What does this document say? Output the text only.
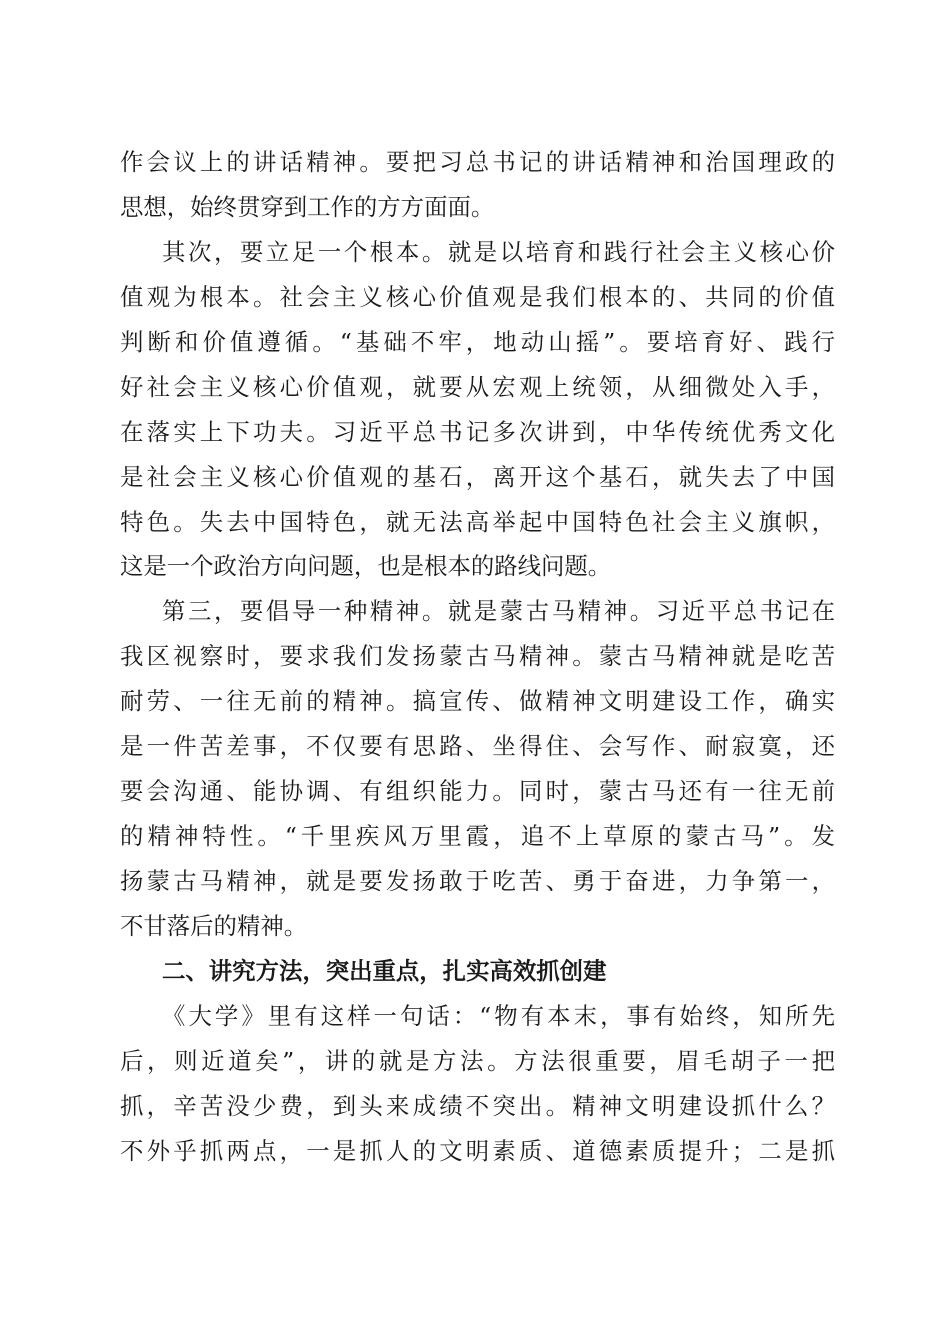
作会议上的讲话精神。要把习总书记的讲话精神和治国理政的
思想，始终贯穿到工作的方方面面。
其次，要立足一个根本。就是以培育和践行社会主义核心价
值观为根本。社会主义核心价值观是我们根本的、共同的价值
判断和价值遵循。“基础不牢，地动山摇”。要培育好、践行
好社会主义核心价值观，就要从宏观上统领，从细微处入手，
在落实上下功夫。习近平总书记多次讲到，中华传统优秀文化
是社会主义核心价值观的基石，离开这个基石，就失去了中国
特色。失去中国特色，就无法高举起中国特色社会主义旗帜，
这是一个政治方向问题，也是根本的路线问题。
第三，要倡导一种精神。就是蒙古马精神。习近平总书记在
我区视察时，要求我们发扬蒙古马精神。蒙古马精神就是吃苦
耐劳、一往无前的精神。搞宣传、做精神文明建设工作，确实
是一件苦差事，不仅要有思路、坐得住、会写作、耐寂寞，还
要会沟通、能协调、有组织能力。同时，蒙古马还有一往无前
的精神特性。“千里疾风万里霞，追不上草原的蒙古马”。发
扬蒙古马精神，就是要发扬敢于吃苦、勇于奋进，力争第一，
不甘落后的精神。
二、讲究方法，突出重点，扎实高效抓创建
《大学》里有这样一句话：“物有本末，事有始终，知所先
后，则近道矣”，讲的就是方法。方法很重要，眉毛胡子一把
抓，辛苦没少费，到头来成绩不突出。精神文明建设抓什么？
不外乎抓两点，一是抓人的文明素质、道德素质提升；二是抓
